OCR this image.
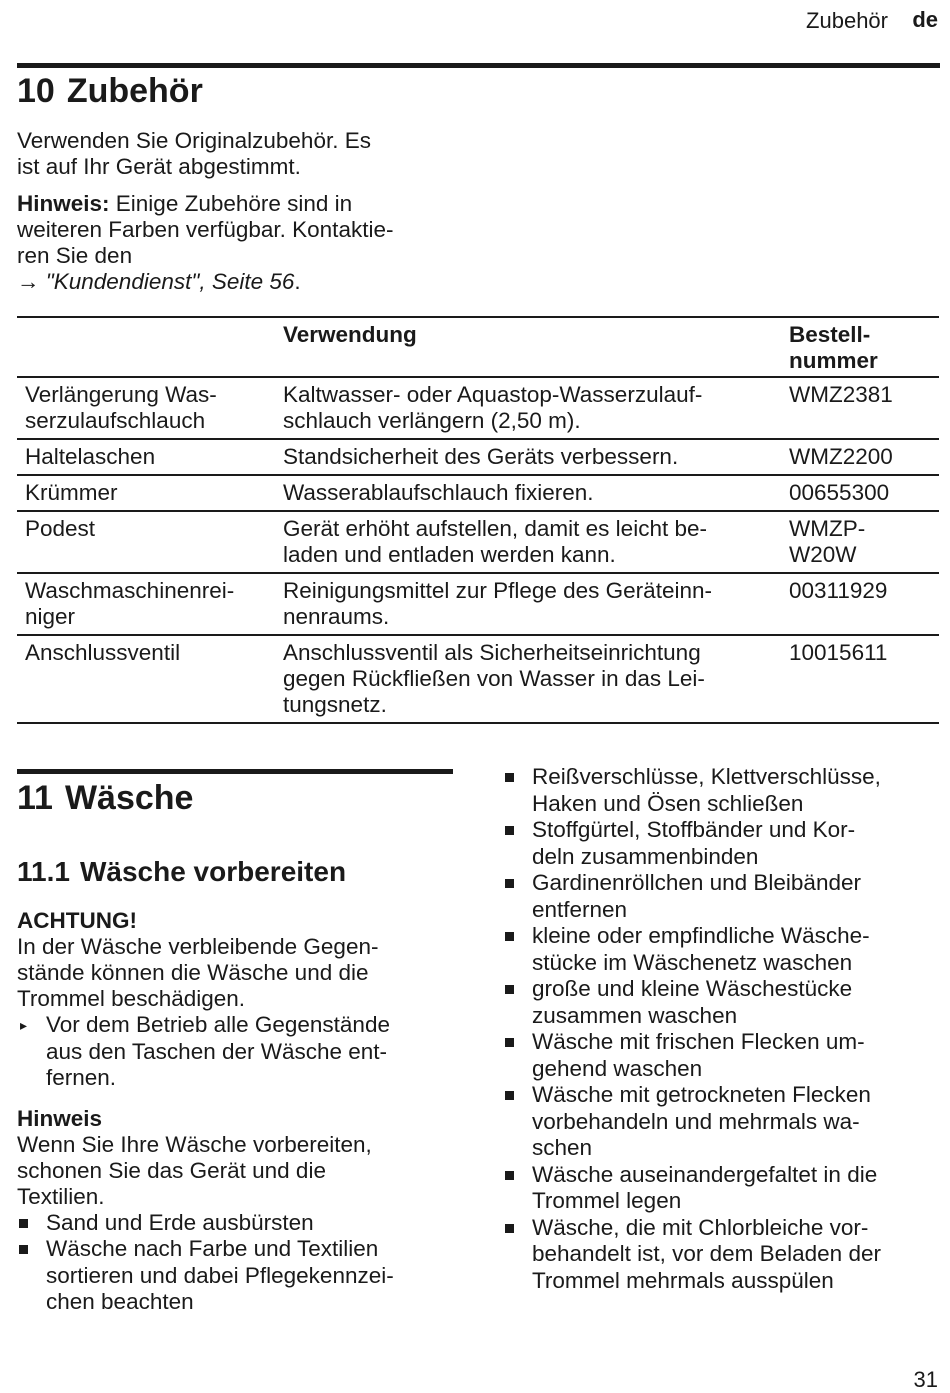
Zubehör de
10 Zubehör

Verwenden Sie Originalzubehör. Es
ist auf Ihr Gerät abgestimmt.

Hinweis: Einige Zubehöre sind in
weiteren Farben verfügbar. Kontaktie-
ren Sie den
→ "Kundendienst", Seite 56.

	Verwendung	Bestell-
nummer
Verlängerung Was-
serzulaufschlauch	Kaltwasser- oder Aquastop-Wasserzulauf-
schlauch verlängern (2,50 m).	WMZ2381
Haltelaschen	Standsicherheit des Geräts verbessern.	WMZ2200
Krümmer	Wasserablaufschlauch fixieren.	00655300
Podest	Gerät erhöht aufstellen, damit es leicht be-
laden und entladen werden kann.	WMZP-
W20W
Waschmaschinenrei-
niger	Reinigungsmittel zur Pflege des Geräteinn-
nenraums.	00311929
Anschlussventil	Anschlussventil als Sicherheitseinrichtung
gegen Rückfließen von Wasser in das Lei-
tungsnetz.	10015611
11 Wäsche
11.1 Wäsche vorbereiten
ACHTUNG!

In der Wäsche verbleibende Gegen-
stände können die Wäsche und die
Trommel beschädigen.

▸ Vor dem Betrieb alle Gegenstände
aus den Taschen der Wäsche ent-
fernen.
Hinweis

Wenn Sie Ihre Wäsche vorbereiten,
schonen Sie das Gerät und die
Textilien.

Sand und Erde ausbürsten
Wäsche nach Farbe und Textilien
sortieren und dabei Pflegekennzei-
chen beachten
Reißverschlüsse, Klettverschlüsse,
Haken und Ösen schließen
Stoffgürtel, Stoffbänder und Kor-
deln zusammenbinden
Gardinenröllchen und Bleibänder
entfernen
kleine oder empfindliche Wäsche-
stücke im Wäschenetz waschen
große und kleine Wäschestücke
zusammen waschen
Wäsche mit frischen Flecken um-
gehend waschen
Wäsche mit getrockneten Flecken
vorbehandeln und mehrmals wa-
schen
Wäsche auseinandergefaltet in die
Trommel legen
Wäsche, die mit Chlorbleiche vor-
behandelt ist, vor dem Beladen der
Trommel mehrmals ausspülen
31
